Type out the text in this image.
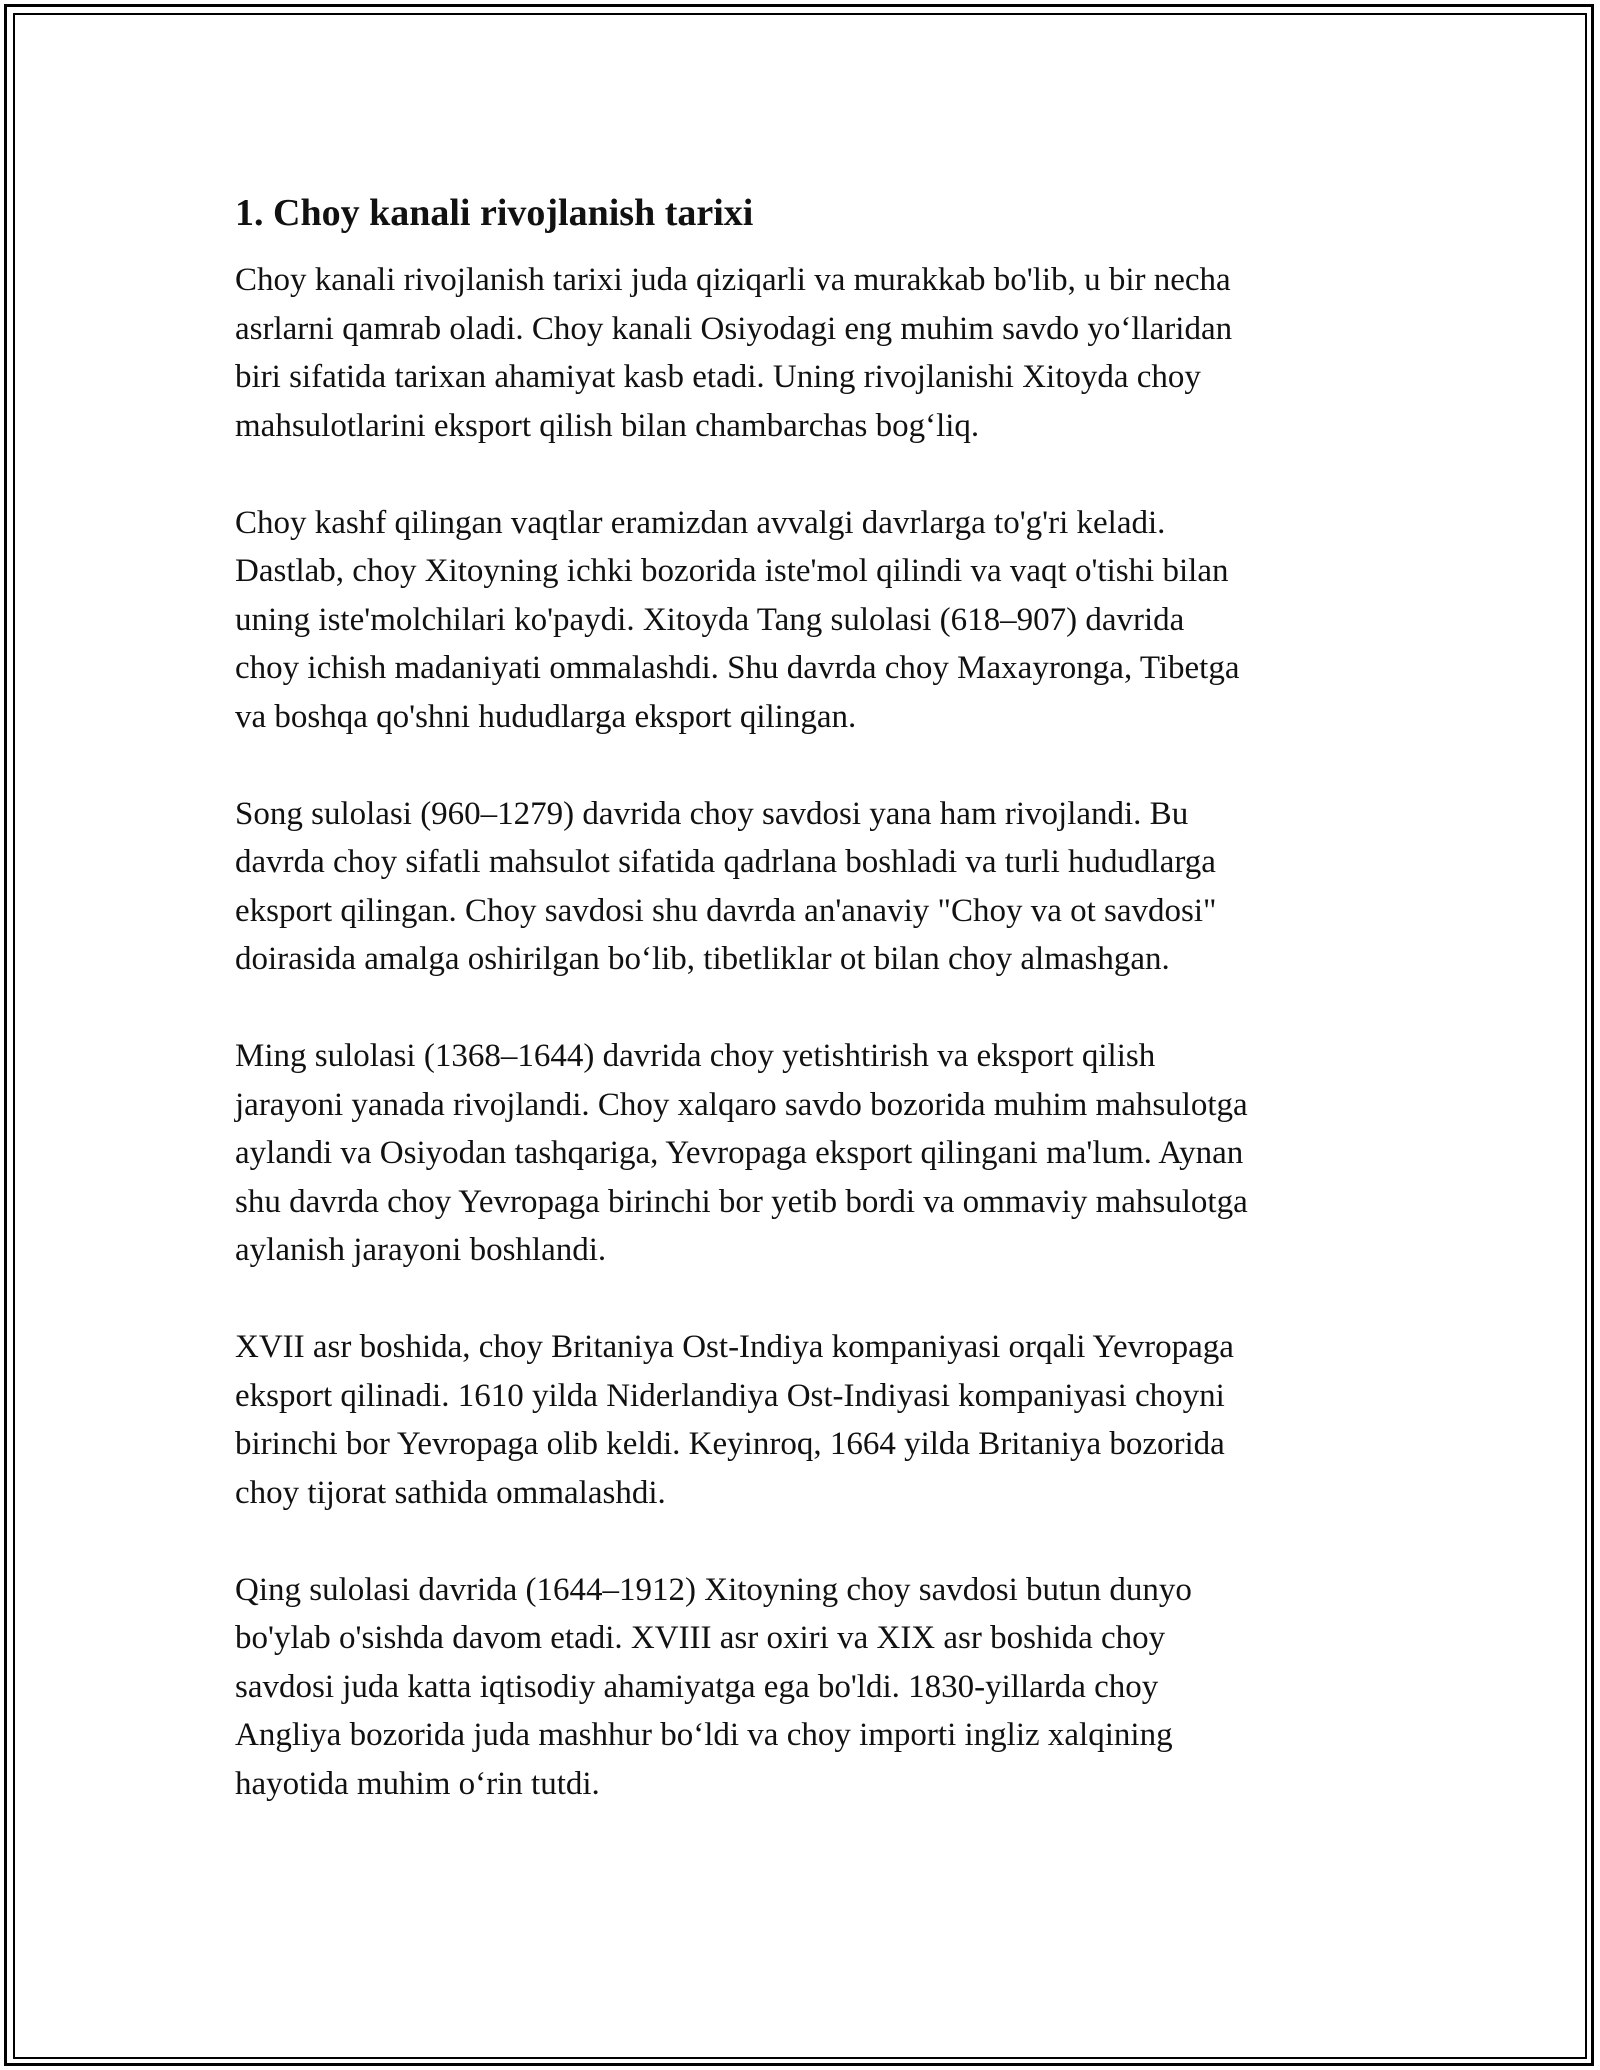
1. Choy kanali rivojlanish tarixi

Choy kanali rivojlanish tarixi juda qiziqarli va murakkab bo'lib, u bir necha
asrlarni qamrab oladi. Choy kanali Osiyodagi eng muhim savdo yo‘llaridan
biri sifatida tarixan ahamiyat kasb etadi. Uning rivojlanishi Xitoyda choy
mahsulotlarini eksport qilish bilan chambarchas bog‘liq.

Choy kashf qilingan vaqtlar eramizdan avvalgi davrlarga to'g'ri keladi.
Dastlab, choy Xitoyning ichki bozorida iste'mol qilindi va vaqt o'tishi bilan
uning iste'molchilari ko'paydi. Xitoyda Tang sulolasi (618–907) davrida
choy ichish madaniyati ommalashdi. Shu davrda choy Maxayronga, Tibetga
va boshqa qo'shni hududlarga eksport qilingan.

Song sulolasi (960–1279) davrida choy savdosi yana ham rivojlandi. Bu
davrda choy sifatli mahsulot sifatida qadrlana boshladi va turli hududlarga
eksport qilingan. Choy savdosi shu davrda an'anaviy "Choy va ot savdosi"
doirasida amalga oshirilgan bo‘lib, tibetliklar ot bilan choy almashgan.

Ming sulolasi (1368–1644) davrida choy yetishtirish va eksport qilish
jarayoni yanada rivojlandi. Choy xalqaro savdo bozorida muhim mahsulotga
aylandi va Osiyodan tashqariga, Yevropaga eksport qilingani ma'lum. Aynan
shu davrda choy Yevropaga birinchi bor yetib bordi va ommaviy mahsulotga
aylanish jarayoni boshlandi.

XVII asr boshida, choy Britaniya Ost-Indiya kompaniyasi orqali Yevropaga
eksport qilinadi. 1610 yilda Niderlandiya Ost-Indiyasi kompaniyasi choyni
birinchi bor Yevropaga olib keldi. Keyinroq, 1664 yilda Britaniya bozorida
choy tijorat sathida ommalashdi.

Qing sulolasi davrida (1644–1912) Xitoyning choy savdosi butun dunyo
bo'ylab o'sishda davom etadi. XVIII asr oxiri va XIX asr boshida choy
savdosi juda katta iqtisodiy ahamiyatga ega bo'ldi. 1830-yillarda choy
Angliya bozorida juda mashhur bo‘ldi va choy importi ingliz xalqining
hayotida muhim o‘rin tutdi.
